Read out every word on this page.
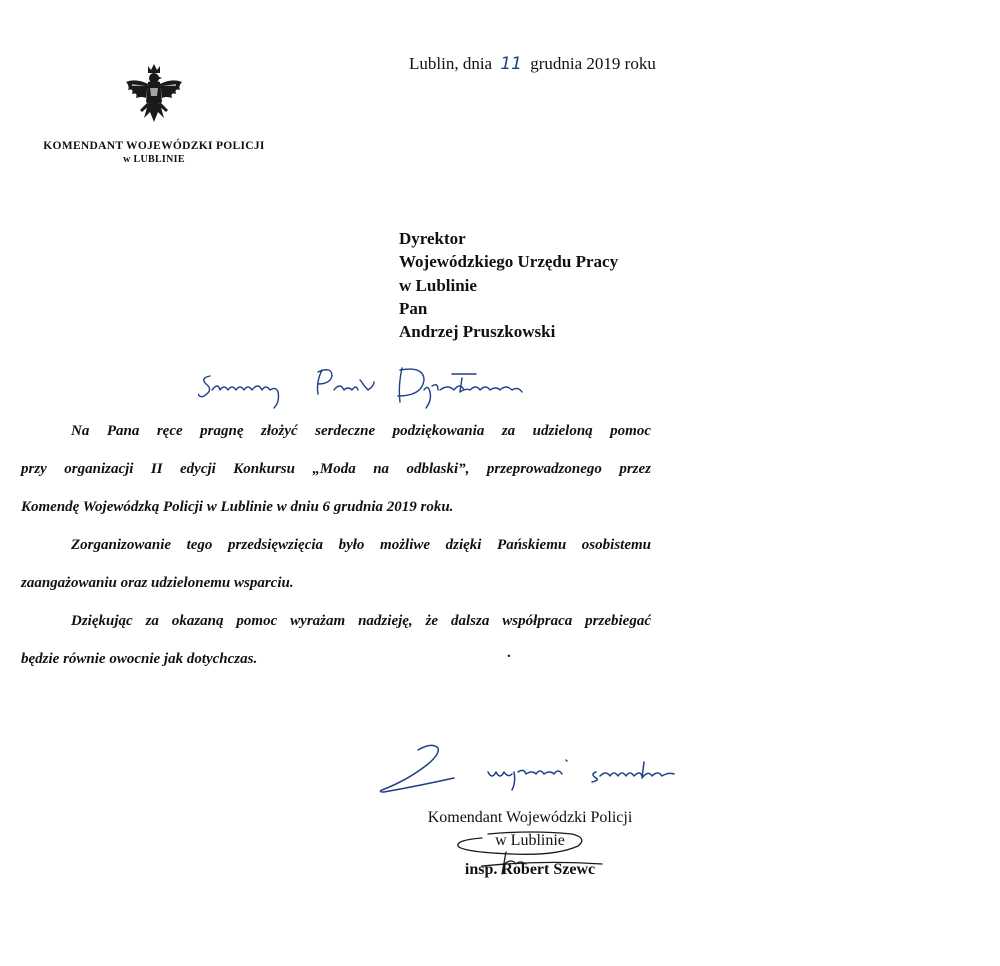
KOMENDANT WOJEWÓDZKI POLICJI
w LUBLINIE
Lublin, dnia 11 grudnia 2019 roku
Dyrektor
Wojewódzkiego Urzędu Pracy
w Lublinie
Pan
Andrzej Pruszkowski

Na Pana ręce pragnę złożyć serdeczne podziękowania za udzieloną pomoc

przy organizacji II edycji Konkursu „Moda na odblaski”, przeprowadzonego przez

Komendę Wojewódzką Policji w Lublinie w dniu 6 grudnia 2019 roku.

Zorganizowanie tego przedsięwzięcia było możliwe dzięki Pańskiemu osobistemu

zaangażowaniu oraz udzielonemu wsparciu.

Dziękując za okazaną pomoc wyrażam nadzieję, że dalsza współpraca przebiegać

będzie równie owocnie jak dotychczas.	.
Komendant Wojewódzki Policji
w Lublinie
insp. Robert Szewc
